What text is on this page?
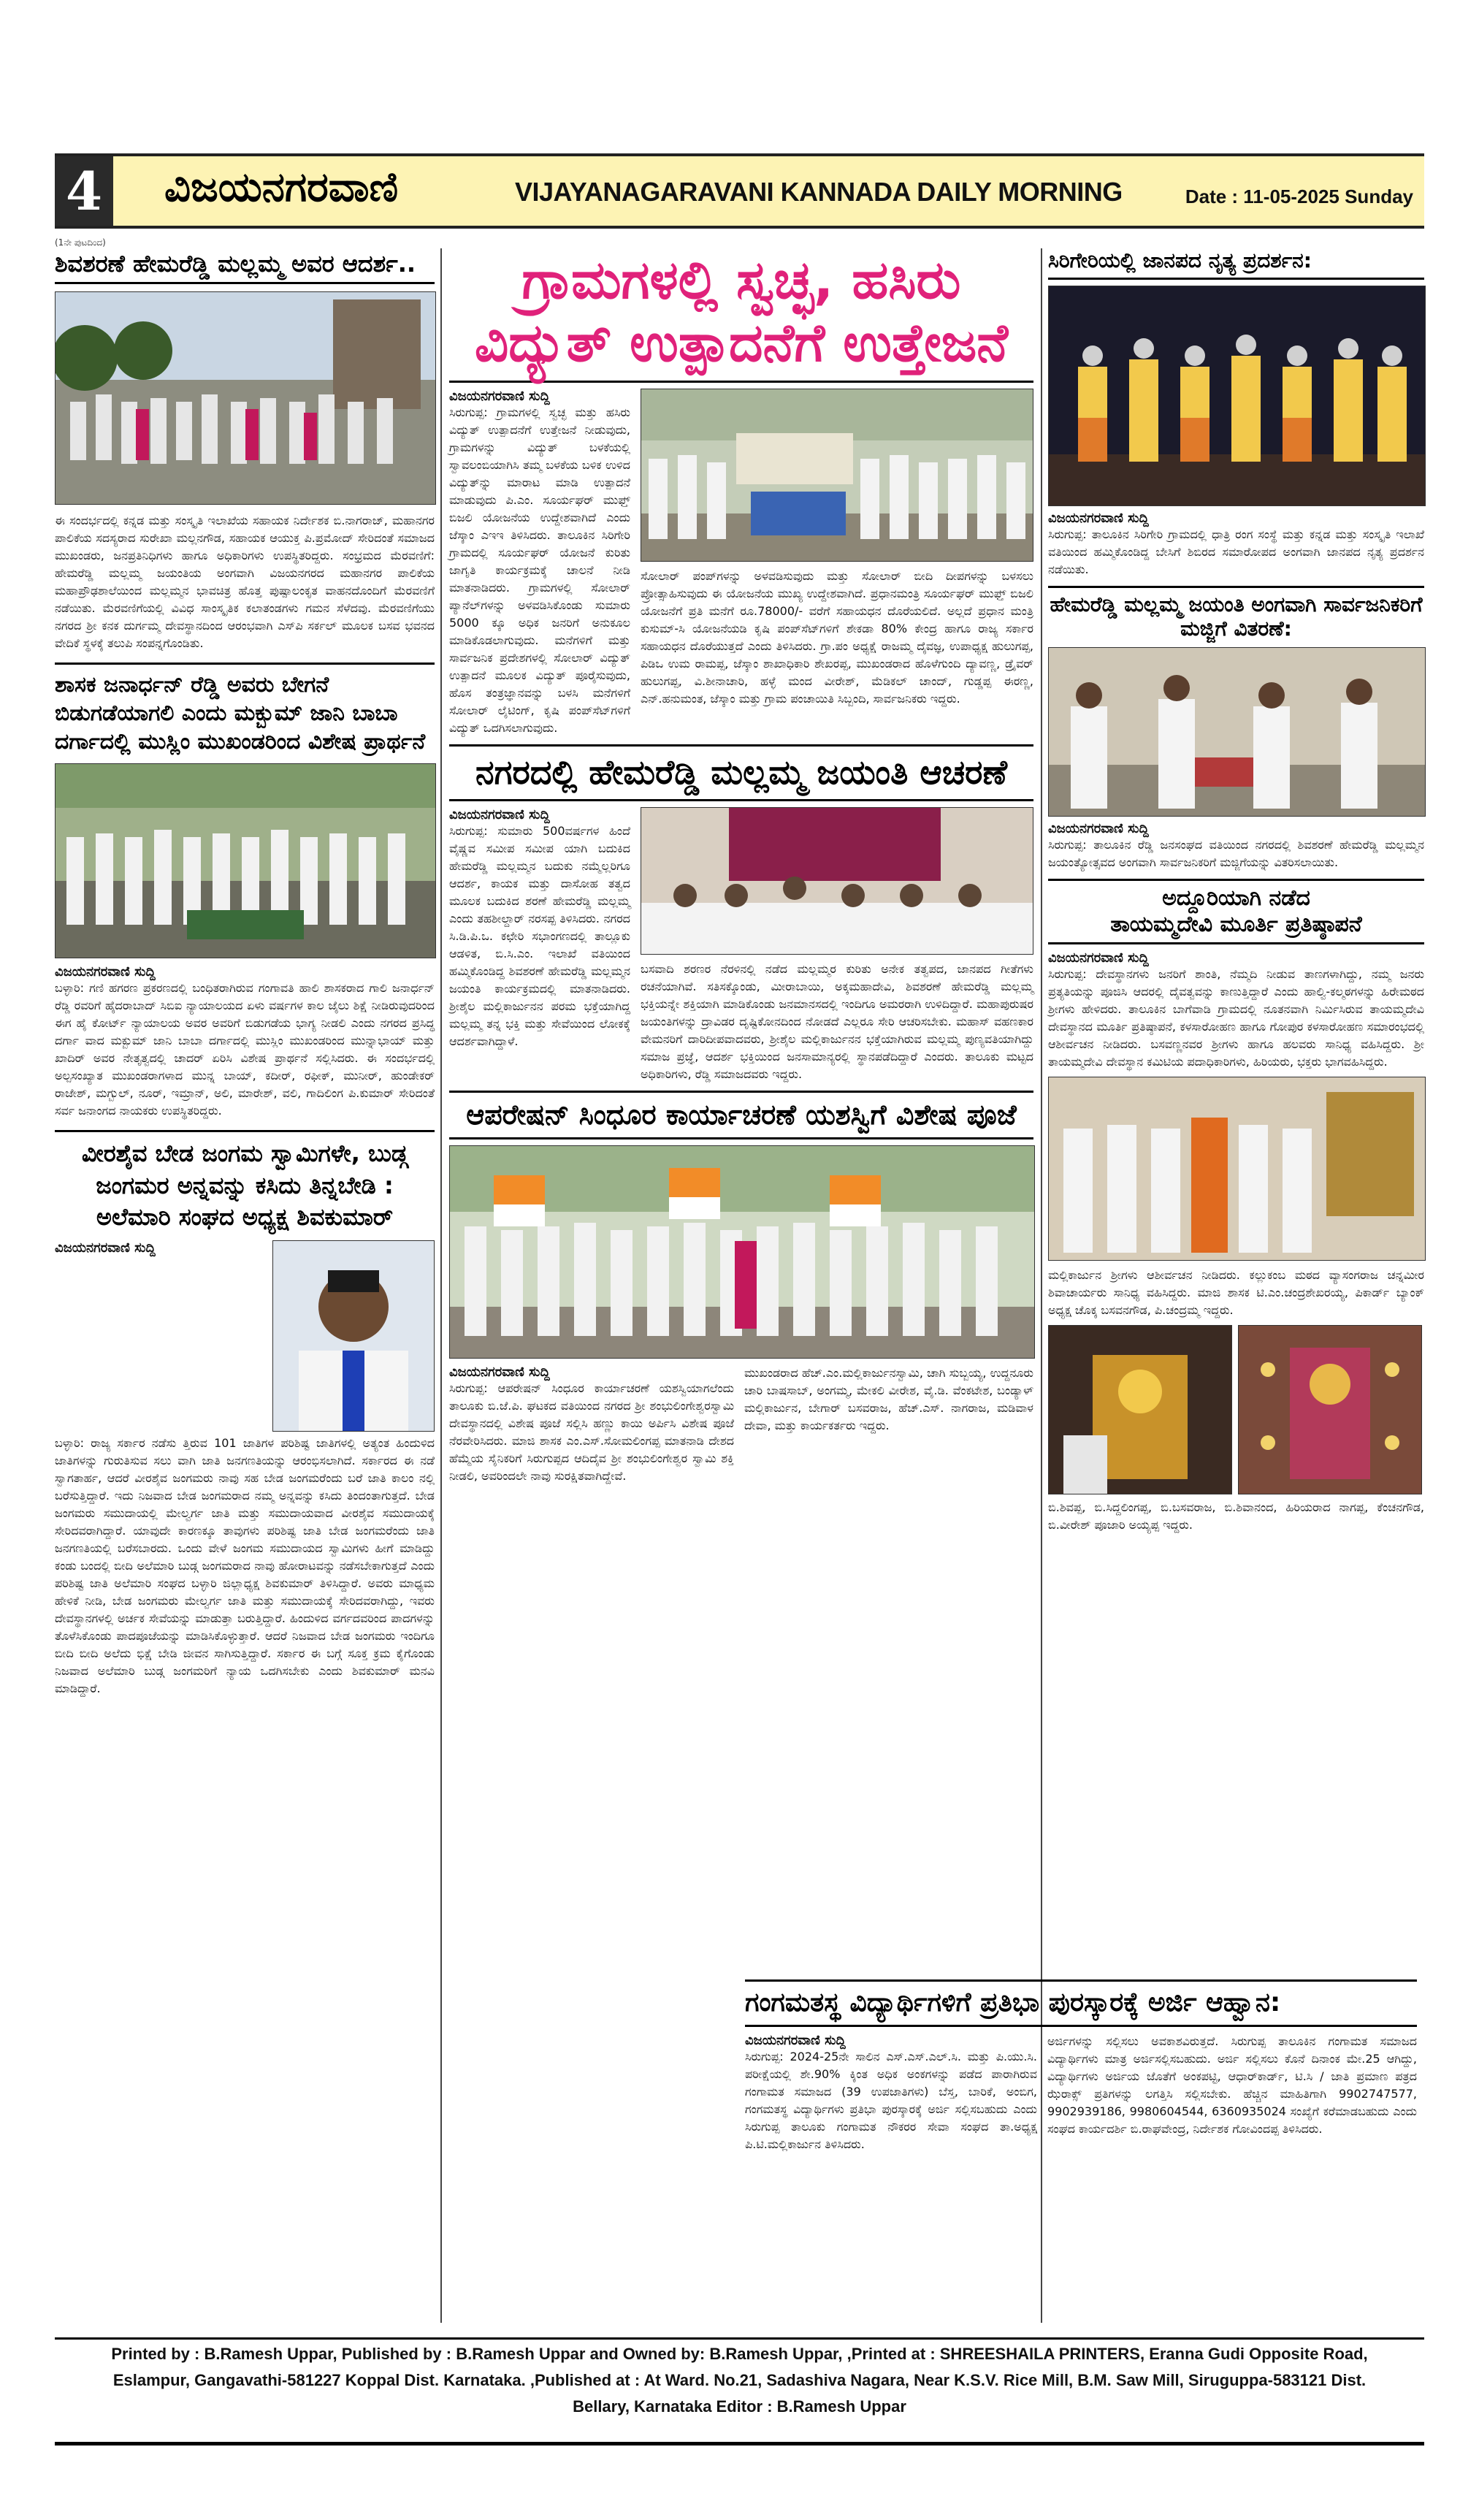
4 ವಿಜಯನಗರವಾಣಿ	VIJAYANAGARAVANI KANNADA DAILY MORNING	Date : 11-05-2025 Sunday
(1ನೇ ಪುಟದಿಂದ)
ಶಿವಶರಣೆ ಹೇಮರೆಡ್ಡಿ ಮಲ್ಲಮ್ಮ ಅವರ ಆದರ್ಶ..
ಈ ಸಂದರ್ಭದಲ್ಲಿ ಕನ್ನಡ ಮತ್ತು ಸಂಸ್ಕೃತಿ ಇಲಾಖೆಯ ಸಹಾಯಕ ನಿರ್ದೇಶಕ ಬಿ.ನಾಗರಾಜ್, ಮಹಾನಗರ ಪಾಲಿಕೆಯ ಸದಸ್ಯರಾದ ಸುರೇಖಾ ಮಲ್ಲನಗೌಡ, ಸಹಾಯಕ ಆಯುಕ್ತ ಪಿ.ಪ್ರಮೋದ್ ಸೇರಿದಂತೆ ಸಮಾಜದ ಮುಖಂಡರು, ಜನಪ್ರತಿನಿಧಿಗಳು ಹಾಗೂ ಅಧಿಕಾರಿಗಳು ಉಪಸ್ಥಿತರಿದ್ದರು. ಸಂಭ್ರಮದ ಮೆರವಣಿಗೆ: ಹೇಮರೆಡ್ಡಿ ಮಲ್ಲಮ್ಮ ಜಯಂತಿಯ ಅಂಗವಾಗಿ ವಿಜಯನಗರದ ಮಹಾನಗರ ಪಾಲಿಕೆಯ ಮಹಾಪ್ರೌಢಶಾಲೆಯಿಂದ ಮಲ್ಲಮ್ಮನ ಭಾವಚಿತ್ರ ಹೊತ್ತ ಪುಷ್ಪಾಲಂಕೃತ ವಾಹನದೊಂದಿಗೆ ಮೆರವಣಿಗೆ ನಡೆಯಿತು. ಮೆರವಣಿಗೆಯಲ್ಲಿ ವಿವಿಧ ಸಾಂಸ್ಕೃತಿಕ ಕಲಾತಂಡಗಳು ಗಮನ ಸೆಳೆದವು. ಮೆರವಣಿಗೆಯು ನಗರದ ಶ್ರೀ ಕನಕ ದುರ್ಗಮ್ಮ ದೇವಸ್ಥಾನದಿಂದ ಆರಂಭವಾಗಿ ಎಸ್‌ಪಿ ಸರ್ಕಲ್ ಮೂಲಕ ಬಸವ ಭವನದ ವೇದಿಕೆ ಸ್ಥಳಕ್ಕೆ ತಲುಪಿ ಸಂಪನ್ನಗೊಂಡಿತು.
ಶಾಸಕ ಜನಾರ್ಧನ್ ರೆಡ್ಡಿ ಅವರು ಬೇಗನೆ ಬಿಡುಗಡೆಯಾಗಲಿ ಎಂದು ಮಕ್ಬುಮ್ ಜಾನಿ ಬಾಬಾ ದರ್ಗಾದಲ್ಲಿ ಮುಸ್ಲಿಂ ಮುಖಂಡರಿಂದ ವಿಶೇಷ ಪ್ರಾರ್ಥನೆ
ವಿಜಯನಗರವಾಣಿ ಸುದ್ದಿ
ಬಳ್ಳಾರಿ: ಗಣಿ ಹಗರಣ ಪ್ರಕರಣದಲ್ಲಿ ಬಂಧಿತರಾಗಿರುವ ಗಂಗಾವತಿ ಹಾಲಿ ಶಾಸಕರಾದ ಗಾಲಿ ಜನಾರ್ಧನ್ ರೆಡ್ಡಿ ರವರಿಗೆ ಹೈದರಾಬಾದ್ ಸಿಬಿಐ ನ್ಯಾಯಾಲಯದ ಏಳು ವರ್ಷಗಳ ಕಾಲ ಜೈಲು ಶಿಕ್ಷೆ ನೀಡಿರುವುದರಿಂದ ಈಗ ಹೈ ಕೋರ್ಟ್ ನ್ಯಾಯಾಲಯ ಅವರ ಅವರಿಗೆ ಬಿಡುಗಡೆಯ ಭಾಗ್ಯ ನೀಡಲಿ ಎಂದು ನಗರದ ಪ್ರಸಿದ್ಧ ದರ್ಗಾ ವಾದ ಮಕ್ಬುಮ್ ಜಾನಿ ಬಾಬಾ ದರ್ಗಾದಲ್ಲಿ ಮುಸ್ಲಿಂ ಮುಖಂಡರಿಂದ ಮುನ್ನಾಭಾಯ್ ಮತ್ತು ಖಾದಿರ್ ಅವರ ನೇತೃತ್ವದಲ್ಲಿ ಚಾದರ್ ಏರಿಸಿ ವಿಶೇಷ ಪ್ರಾರ್ಥನೆ ಸಲ್ಲಿಸಿದರು. ಈ ಸಂದರ್ಭದಲ್ಲಿ ಅಲ್ಪಸಂಖ್ಯಾತ ಮುಖಂಡರಾಗಳಾದ ಮುನ್ನ ಬಾಯ್, ಕದೀರ್, ರಫೀಕ್, ಮುನೀರ್, ಹುಂಡೇಕರ್ ರಾಜೇಶ್, ಮಗ್ಬುಲ್, ನೂರ್, ಇಮ್ರಾನ್, ಅಲಿ, ಮಾರೇಶ್, ವಲಿ, ಗಾದಿಲಿಂಗ ಪಿ.ಕುಮಾರ್ ಸೇರಿದಂತೆ ಸರ್ವ ಜನಾಂಗದ ನಾಯಕರು ಉಪಸ್ಥಿತರಿದ್ದರು.
ವೀರಶೈವ ಬೇಡ ಜಂಗಮ ಸ್ವಾಮಿಗಳೇ, ಬುಡ್ಗ ಜಂಗಮರ ಅನ್ನವನ್ನು ಕಸಿದು ತಿನ್ನಬೇಡಿ : ಅಲೆಮಾರಿ ಸಂಘದ ಅಧ್ಯಕ್ಷ ಶಿವಕುಮಾರ್
ವಿಜಯನಗರವಾಣಿ ಸುದ್ದಿ
ಬಳ್ಳಾರಿ: ರಾಜ್ಯ ಸರ್ಕಾರ ನಡೆಸು ತ್ತಿರುವ 101 ಜಾತಿಗಳ ಪರಿಶಿಷ್ಟ ಜಾತಿಗಳಲ್ಲಿ ಅತ್ಯಂತ ಹಿಂದುಳಿದ ಜಾತಿಗಳನ್ನು ಗುರುತಿಸುವ ಸಲು ವಾಗಿ ಜಾತಿ ಜನಗಣತಿಯನ್ನು ಆರಂಭಿಸಲಾಗಿದೆ. ಸರ್ಕಾರದ ಈ ನಡೆ ಸ್ವಾಗತಾರ್ಹ, ಆದರೆ ವೀರಶೈವ ಜಂಗಮರು ನಾವು ಸಹ ಬೇಡ ಜಂಗಮರೆಂದು ಬರೆ ಜಾತಿ ಕಾಲಂ ನಲ್ಲಿ ಬರೆಸುತ್ತಿದ್ದಾರೆ. ಇದು ನಿಜವಾದ ಬೇಡ ಜಂಗಮರಾದ ನಮ್ಮ ಅನ್ನವನ್ನು ಕಸಿದು ತಿಂದಂತಾಗುತ್ತದೆ. ಬೇಡ ಜಂಗಮರು ಸಮುದಾಯಲ್ಲಿ ಮೇಲ್ವರ್ಗ ಜಾತಿ ಮತ್ತು ಸಮುದಾಯವಾದ ವೀರಶೈವ ಸಮುದಾಯಕ್ಕೆ ಸೇರಿದವರಾಗಿದ್ದಾರೆ. ಯಾವುದೇ ಕಾರಣಕ್ಕೂ ತಾವುಗಳು ಪರಿಶಿಷ್ಟ ಜಾತಿ ಬೇಡ ಜಂಗಮರೆಂದು ಜಾತಿ ಜನಗಣತಿಯಲ್ಲಿ ಬರೆಸಬಾರದು. ಒಂದು ವೇಳೆ ಜಂಗಮ ಸಮುದಾಯದ ಸ್ವಾಮಿಗಳು ಹೀಗೆ ಮಾಡಿದ್ದು ಕಂಡು ಬಂದಲ್ಲಿ ಬೀದಿ ಅಲೆಮಾರಿ ಬುಡ್ಗ ಜಂಗಮರಾದ ನಾವು ಹೋರಾಟವನ್ನು ನಡೆಸಬೇಕಾಗುತ್ತದೆ ಎಂದು ಪರಿಶಿಷ್ಟ ಜಾತಿ ಅಲೆಮಾರಿ ಸಂಘದ ಬಳ್ಳಾರಿ ಜಿಲ್ಲಾಧ್ಯಕ್ಷ ಶಿವಕುಮಾರ್ ತಿಳಿಸಿದ್ದಾರೆ. ಅವರು ಮಾಧ್ಯಮ ಹೇಳಿಕೆ ನೀಡಿ, ಬೇಡ ಜಂಗಮರು ಮೇಲ್ವರ್ಗ ಜಾತಿ ಮತ್ತು ಸಮುದಾಯಕ್ಕೆ ಸೇರಿದವರಾಗಿದ್ದು, ಇವರು ದೇವಸ್ಥಾನಗಳಲ್ಲಿ ಅರ್ಚಕ ಸೇವೆಯನ್ನು ಮಾಡುತ್ತಾ ಬರುತ್ತಿದ್ದಾರೆ. ಹಿಂದುಳಿದ ವರ್ಗದವರಿಂದ ಪಾದಗಳನ್ನು ತೊಳೆಸಿಕೊಂಡು ಪಾದಪೂಜೆಯನ್ನು ಮಾಡಿಸಿಕೊಳ್ಳುತ್ತಾರೆ. ಆದರೆ ನಿಜವಾದ ಬೇಡ ಜಂಗಮರು ಇಂದಿಗೂ ಬೀದಿ ಬೀದಿ ಅಲೆದು ಭಿಕ್ಷೆ ಬೇಡಿ ಜೀವನ ಸಾಗಿಸುತ್ತಿದ್ದಾರೆ. ಸರ್ಕಾರ ಈ ಬಗ್ಗೆ ಸೂಕ್ತ ಕ್ರಮ ಕೈಗೊಂಡು ನಿಜವಾದ ಅಲೆಮಾರಿ ಬುಡ್ಗ ಜಂಗಮರಿಗೆ ನ್ಯಾಯ ಒದಗಿಸಬೇಕು ಎಂದು ಶಿವಕುಮಾರ್ ಮನವಿ ಮಾಡಿದ್ದಾರೆ.
ಗ್ರಾಮಗಳಲ್ಲಿ ಸ್ವಚ್ಛ, ಹಸಿರು
ವಿದ್ಯುತ್ ಉತ್ಪಾದನೆಗೆ ಉತ್ತೇಜನೆ
ವಿಜಯನಗರವಾಣಿ ಸುದ್ದಿ
ಸಿರುಗುಪ್ಪ: ಗ್ರಾಮಗಳಲ್ಲಿ ಸ್ವಚ್ಛ ಮತ್ತು ಹಸಿರು ವಿದ್ಯುತ್ ಉತ್ಪಾದನೆಗೆ ಉತ್ತೇಜನೆ ನೀಡುವುದು, ಗ್ರಾಮಗಳನ್ನು ವಿದ್ಯುತ್ ಬಳಕೆಯಲ್ಲಿ ಸ್ವಾವಲಂಬಿಯಾಗಿಸಿ ತಮ್ಮ ಬಳಕೆಯ ಬಳಿಕ ಉಳಿದ ವಿದ್ಯುತ್‌ನ್ನು ಮಾರಾಟ ಮಾಡಿ ಉತ್ಪಾದನೆ ಮಾಡುವುದು ಪಿ.ಎಂ. ಸೂರ್ಯಘರ್ ಮುಫ್ತ್ ಬಿಜಲಿ ಯೋಜನೆಯ ಉದ್ದೇಶವಾಗಿದೆ ಎಂದು ಜೆಸ್ಕಾಂ ಎಇಇ ತಿಳಿಸಿದರು. ತಾಲೂಕಿನ ಸಿರಿಗೇರಿ ಗ್ರಾಮದಲ್ಲಿ ಸೂರ್ಯಘರ್ ಯೋಜನೆ ಕುರಿತು ಜಾಗೃತಿ ಕಾರ್ಯಕ್ರಮಕ್ಕೆ ಚಾಲನೆ ನೀಡಿ ಮಾತನಾಡಿದರು. ಗ್ರಾಮಗಳಲ್ಲಿ ಸೋಲಾರ್ ಪ್ಯಾನೆಲ್‌ಗಳನ್ನು ಅಳವಡಿಸಿಕೊಂಡು ಸುಮಾರು 5000 ಕ್ಕೂ ಅಧಿಕ ಜನರಿಗೆ ಅನುಕೂಲ ಮಾಡಿಕೊಡಲಾಗುವುದು. ಮನೆಗಳಿಗೆ ಮತ್ತು ಸಾರ್ವಜನಿಕ ಪ್ರದೇಶಗಳಲ್ಲಿ ಸೋಲಾರ್ ವಿದ್ಯುತ್ ಉತ್ಪಾದನೆ ಮೂಲಕ ವಿದ್ಯುತ್ ಪೂರೈಸುವುದು, ಹೊಸ ತಂತ್ರಜ್ಞಾನವನ್ನು ಬಳಸಿ ಮನೆಗಳಿಗೆ ಸೋಲಾರ್ ಲೈಟಿಂಗ್, ಕೃಷಿ ಪಂಪ್‌ಸೆಟ್‌ಗಳಿಗೆ ವಿದ್ಯುತ್ ಒದಗಿಸಲಾಗುವುದು.
ಸೋಲಾರ್ ಪಂಪ್‌ಗಳನ್ನು ಅಳವಡಿಸುವುದು ಮತ್ತು ಸೋಲಾರ್ ಬೀದಿ ದೀಪಗಳನ್ನು ಬಳಸಲು ಪ್ರೋತ್ಸಾಹಿಸುವುದು ಈ ಯೋಜನೆಯ ಮುಖ್ಯ ಉದ್ದೇಶವಾಗಿದೆ. ಪ್ರಧಾನಮಂತ್ರಿ ಸೂರ್ಯಘರ್ ಮುಫ್ತ್ ಬಿಜಲಿ ಯೋಜನೆಗೆ ಪ್ರತಿ ಮನೆಗೆ ರೂ.78000/- ವರೆಗೆ ಸಹಾಯಧನ ದೊರೆಯಲಿದೆ. ಅಲ್ಲದೆ ಪ್ರಧಾನ ಮಂತ್ರಿ ಕುಸುಮ್-ಸಿ ಯೋಜನೆಯಡಿ ಕೃಷಿ ಪಂಪ್‌ಸೆಟ್‌ಗಳಿಗೆ ಶೇಕಡಾ 80% ಕೇಂದ್ರ ಹಾಗೂ ರಾಜ್ಯ ಸರ್ಕಾರ ಸಹಾಯಧನ ದೊರೆಯುತ್ತದೆ ಎಂದು ತಿಳಿಸಿದರು. ಗ್ರಾ.ಪಂ ಅಧ್ಯಕ್ಷೆ ರಾಜಮ್ಮ ದೈವಜ್ಞ, ಉಪಾಧ್ಯಕ್ಷ ಹುಲುಗಪ್ಪ, ಪಿಡಿಒ ಉಮ ರಾಮಪ್ಪ, ಜೆಸ್ಕಾಂ ಶಾಖಾಧಿಕಾರಿ ಶೇಖರಪ್ಪ, ಮುಖಂಡರಾದ ಹೊಳೆಗುಂದಿ ದ್ಯಾವಣ್ಣ, ಡ್ರೈವರ್ ಹುಲುಗಪ್ಪ, ವಿ.ಶೀನಾಚಾರಿ, ಹಳ್ಳೆ ಮಂದ ವೀರೇಶ್, ಮೆಡಿಕಲ್ ಚಾಂದ್, ಗುಡ್ಡಪ್ಪ ಈರಣ್ಣ, ಎನ್.ಹನುಮಂತ, ಜೆಸ್ಕಾಂ ಮತ್ತು ಗ್ರಾಮ ಪಂಚಾಯಿತಿ ಸಿಬ್ಬಂದಿ, ಸಾರ್ವಜನಿಕರು ಇದ್ದರು.
ನಗರದಲ್ಲಿ ಹೇಮರೆಡ್ಡಿ ಮಲ್ಲಮ್ಮ ಜಯಂತಿ ಆಚರಣೆ
ವಿಜಯನಗರವಾಣಿ ಸುದ್ದಿ
ಸಿರುಗುಪ್ಪ: ಸುಮಾರು 500ವರ್ಷಗಳ ಹಿಂದೆ ವೈಷ್ಣವ ಸಮೀಪ ಸಮೀಪ ಯಾಗಿ ಬದುಕಿದ ಹೇಮರೆಡ್ಡಿ ಮಲ್ಲಮ್ಮನ ಬದುಕು ನಮ್ಮೆಲ್ಲರಿಗೂ ಆದರ್ಶ, ಕಾಯಕ ಮತ್ತು ದಾಸೋಹ ತತ್ವದ ಮೂಲಕ ಬದುಕಿದ ಶರಣೆ ಹೇಮರೆಡ್ಡಿ ಮಲ್ಲಮ್ಮ ಎಂದು ತಹಶೀಲ್ದಾರ್ ನರಸಪ್ಪ ತಿಳಿಸಿದರು. ನಗರದ ಸಿ.ಡಿ.ಪಿ.ಒ. ಕಛೇರಿ ಸಭಾಂಗಣದಲ್ಲಿ ತಾಲ್ಲೂಕು ಆಡಳಿತ, ಬಿ.ಸಿ.ಎಂ. ಇಲಾಖೆ ವತಿಯಿಂದ ಹಮ್ಮಿಕೊಂಡಿದ್ದ ಶಿವಶರಣೆ ಹೇಮರೆಡ್ಡಿ ಮಲ್ಲಮ್ಮನ ಜಯಂತಿ ಕಾರ್ಯಕ್ರಮದಲ್ಲಿ ಮಾತನಾಡಿದರು. ಶ್ರೀಶೈಲ ಮಲ್ಲಿಕಾರ್ಜುನನ ಪರಮ ಭಕ್ತೆಯಾಗಿದ್ದ ಮಲ್ಲಮ್ಮ ತನ್ನ ಭಕ್ತಿ ಮತ್ತು ಸೇವೆಯಿಂದ ಲೋಕಕ್ಕೆ ಆದರ್ಶವಾಗಿದ್ದಾಳೆ.
ಬಸವಾದಿ ಶರಣರ ನೆರಳಿನಲ್ಲಿ ನಡೆದ ಮಲ್ಲಮ್ಮರ ಕುರಿತು ಅನೇಕ ತತ್ವಪದ, ಜಾನಪದ ಗೀತೆಗಳು ರಚನೆಯಾಗಿವೆ. ಸತಿಸಕ್ಕೊಂಡು, ಮೀರಾಬಾಯಿ, ಅಕ್ಕಮಹಾದೇವಿ, ಶಿವಶರಣೆ ಹೇಮರೆಡ್ಡಿ ಮಲ್ಲಮ್ಮ ಭಕ್ತಿಯನ್ನೇ ಶಕ್ತಿಯಾಗಿ ಮಾಡಿಕೊಂಡು ಜನಮಾನಸದಲ್ಲಿ ಇಂದಿಗೂ ಅಮರರಾಗಿ ಉಳಿದಿದ್ದಾರೆ. ಮಹಾಪುರುಷರ ಜಯಂತಿಗಳನ್ನು ದ್ರಾವಿಡರ ದೃಷ್ಟಿಕೋನದಿಂದ ನೋಡದೆ ಎಲ್ಲರೂ ಸೇರಿ ಆಚರಿಸಬೇಕು. ಮಹಾಸ್ ವಹಣಕಾರ ವೇಮನರಿಗೆ ದಾರಿದೀಪವಾದವರು, ಶ್ರೀಶೈಲ ಮಲ್ಲಿಕಾರ್ಜುನನ ಭಕ್ತೆಯಾಗಿರುವ ಮಲ್ಲಮ್ಮ ಪುಣ್ಯವತಿಯಾಗಿದ್ದು ಸಮಾಜ ಪ್ರಜ್ಞೆ, ಆದರ್ಶ ಭಕ್ತಿಯಿಂದ ಜನಸಾಮಾನ್ಯರಲ್ಲಿ ಸ್ಥಾನಪಡೆದಿದ್ದಾರೆ ಎಂದರು. ತಾಲೂಕು ಮಟ್ಟದ ಅಧಿಕಾರಿಗಳು, ರೆಡ್ಡಿ ಸಮಾಜದವರು ಇದ್ದರು.
ಆಪರೇಷನ್ ಸಿಂಧೂರ ಕಾರ್ಯಾಚರಣೆ ಯಶಸ್ವಿಗೆ ವಿಶೇಷ ಪೂಜೆ
ವಿಜಯನಗರವಾಣಿ ಸುದ್ದಿ
ಸಿರುಗುಪ್ಪ: ಆಪರೇಷನ್ ಸಿಂಧೂರ ಕಾರ್ಯಾಚರಣೆ ಯಶಸ್ವಿಯಾಗಲೆಂದು ತಾಲೂಕು ಬಿ.ಜೆ.ಪಿ. ಘಟಕದ ವತಿಯಿಂದ ನಗರದ ಶ್ರೀ ಶಂಭುಲಿಂಗೇಶ್ವರಸ್ವಾಮಿ ದೇವಸ್ಥಾನದಲ್ಲಿ ವಿಶೇಷ ಪೂಜೆ ಸಲ್ಲಿಸಿ ಹಣ್ಣು ಕಾಯಿ ಅರ್ಪಿಸಿ ವಿಶೇಷ ಪೂಜೆ ನೆರವೇರಿಸಿದರು. ಮಾಜಿ ಶಾಸಕ ಎಂ.ಎಸ್.ಸೋಮಲಿಂಗಪ್ಪ ಮಾತನಾಡಿ ದೇಶದ ಹೆಮ್ಮೆಯ ಸೈನಿಕರಿಗೆ ಸಿರುಗುಪ್ಪದ ಆದಿದೈವ ಶ್ರೀ ಶಂಭುಲಿಂಗೇಶ್ವರ ಸ್ವಾಮಿ ಶಕ್ತಿ ನೀಡಲಿ, ಅವರಿಂದಲೇ ನಾವು ಸುರಕ್ಷಿತವಾಗಿದ್ದೇವೆ.
ಮುಖಂಡರಾದ ಹೆಚ್.ಎಂ.ಮಲ್ಲಿಕಾರ್ಜುನಸ್ವಾಮಿ, ಚಾಗಿ ಸುಬ್ಬಯ್ಯ, ಉದ್ದನೂರು ಚಾರಿ ಬಾಷಸಾಬ್, ಅಂಗಮ್ಮ, ಮೇಕಲಿ ವೀರೇಶ, ವೈ.ಡಿ. ವೆಂಕಟೇಶ, ಬಂಡ್ಯಾಳ್ ಮಲ್ಲಿಕಾರ್ಜುನ, ಬೇಗಾರ್ ಬಸವರಾಜ, ಹೆಚ್.ಎಸ್. ನಾಗರಾಜ, ಮಡಿವಾಳ ದೇವಾ, ಮತ್ತು ಕಾರ್ಯಕರ್ತರು ಇದ್ದರು.
ಗಂಗಮತಸ್ಥ ವಿದ್ಯಾರ್ಥಿಗಳಿಗೆ ಪ್ರತಿಭಾ ಪುರಸ್ಕಾರಕ್ಕೆ ಅರ್ಜಿ ಆಹ್ವಾನ:
ವಿಜಯನಗರವಾಣಿ ಸುದ್ದಿ
ಸಿರುಗುಪ್ಪ: 2024-25ನೇ ಸಾಲಿನ ಎಸ್.ಎಸ್.ಎಲ್.ಸಿ. ಮತ್ತು ಪಿ.ಯು.ಸಿ. ಪರೀಕ್ಷೆಯಲ್ಲಿ ಶೇ.90% ಕ್ಕಿಂತ ಅಧಿಕ ಅಂಕಗಳನ್ನು ಪಡೆದ ಪಾರಾಗಿರುವ ಗಂಗಾಮತ ಸಮಾಜದ (39 ಉಪಜಾತಿಗಳು) ಬೆಸ್ತ, ಬಾರಿಕೆ, ಅಂಬಿಗ, ಗಂಗಮತಸ್ಥ ವಿದ್ಯಾರ್ಥಿಗಳು ಪ್ರತಿಭಾ ಪುರಸ್ಕಾರಕ್ಕೆ ಅರ್ಜಿ ಸಲ್ಲಿಸಬಹುದು ಎಂದು ಸಿರುಗುಪ್ಪ ತಾಲೂಕು ಗಂಗಾಮತ ನೌಕರರ ಸೇವಾ ಸಂಘದ ತಾ.ಅಧ್ಯಕ್ಷ ಪಿ.ಟಿ.ಮಲ್ಲಿಕಾರ್ಜುನ ತಿಳಿಸಿದರು.
ಅರ್ಜಿಗಳನ್ನು ಸಲ್ಲಿಸಲು ಅವಕಾಶವಿರುತ್ತದೆ. ಸಿರುಗುಪ್ಪ ತಾಲೂಕಿನ ಗಂಗಾಮತ ಸಮಾಜದ ವಿದ್ಯಾರ್ಥಿಗಳು ಮಾತ್ರ ಅರ್ಜಿಸಲ್ಲಿಸಬಹುದು. ಅರ್ಜಿ ಸಲ್ಲಿಸಲು ಕೊನೆ ದಿನಾಂಕ ಮೇ.25 ಆಗಿದ್ದು, ವಿದ್ಯಾರ್ಥಿಗಳು ಅರ್ಜಿಯ ಜೊತೆಗೆ ಅಂಕಪಟ್ಟಿ, ಆಧಾರ್‌ಕಾರ್ಡ್, ಟಿ.ಸಿ / ಜಾತಿ ಪ್ರಮಾಣ ಪತ್ರದ ಝೆರಾಕ್ಸ್ ಪ್ರತಿಗಳನ್ನು ಲಗತ್ತಿಸಿ ಸಲ್ಲಿಸಬೇಕು. ಹೆಚ್ಚಿನ ಮಾಹಿತಿಗಾಗಿ 9902747577, 9902939186, 9980604544, 6360935024 ಸಂಖ್ಯೆಗೆ ಕರೆಮಾಡಬಹುದು ಎಂದು ಸಂಘದ ಕಾರ್ಯದರ್ಶಿ ಬಿ.ರಾಘವೇಂದ್ರ, ನಿರ್ದೇಶಕ ಗೋವಿಂದಪ್ಪ ತಿಳಿಸಿದರು.
ಸಿರಿಗೇರಿಯಲ್ಲಿ ಜಾನಪದ ನೃತ್ಯ ಪ್ರದರ್ಶನ:
ವಿಜಯನಗರವಾಣಿ ಸುದ್ದಿ
ಸಿರುಗುಪ್ಪ: ತಾಲೂಕಿನ ಸಿರಿಗೇರಿ ಗ್ರಾಮದಲ್ಲಿ ಧಾತ್ರಿ ರಂಗ ಸಂಸ್ಥೆ ಮತ್ತು ಕನ್ನಡ ಮತ್ತು ಸಂಸ್ಕೃತಿ ಇಲಾಖೆ ವತಿಯಿಂದ ಹಮ್ಮಿಕೊಂಡಿದ್ದ ಬೇಸಿಗೆ ಶಿಬಿರದ ಸಮಾರೋಪದ ಅಂಗವಾಗಿ ಜಾನಪದ ನೃತ್ಯ ಪ್ರದರ್ಶನ ನಡೆಯಿತು.
ಹೇಮರೆಡ್ಡಿ ಮಲ್ಲಮ್ಮ ಜಯಂತಿ ಅಂಗವಾಗಿ ಸಾರ್ವಜನಿಕರಿಗೆ ಮಜ್ಜಿಗೆ ವಿತರಣೆ:
ವಿಜಯನಗರವಾಣಿ ಸುದ್ದಿ
ಸಿರುಗುಪ್ಪ: ತಾಲೂಕಿನ ರೆಡ್ಡಿ ಜನಸಂಘದ ವತಿಯಿಂದ ನಗರದಲ್ಲಿ ಶಿವಶರಣೆ ಹೇಮರೆಡ್ಡಿ ಮಲ್ಲಮ್ಮನ ಜಯಂತ್ಯೋತ್ಸವದ ಅಂಗವಾಗಿ ಸಾರ್ವಜನಿಕರಿಗೆ ಮಜ್ಜಿಗೆಯನ್ನು ವಿತರಿಸಲಾಯಿತು.
ಅದ್ದೂರಿಯಾಗಿ ನಡೆದ
ತಾಯಮ್ಮದೇವಿ ಮೂರ್ತಿ ಪ್ರತಿಷ್ಠಾಪನೆ
ವಿಜಯನಗರವಾಣಿ ಸುದ್ದಿ
ಸಿರುಗುಪ್ಪ: ದೇವಸ್ಥಾನಗಳು ಜನರಿಗೆ ಶಾಂತಿ, ನೆಮ್ಮದಿ ನೀಡುವ ತಾಣಗಳಾಗಿದ್ದು, ನಮ್ಮ ಜನರು ಪ್ರತ್ಯತಿಯನ್ನು ಪೂಜಿಸಿ ಆದರಲ್ಲಿ ದೈವತ್ವವನ್ನು ಕಾಣುತ್ತಿದ್ದಾರೆ ಎಂದು ಹಾಲ್ವಿ-ಕಲ್ಮಠಗಳನ್ನು ಹಿರೇಮಠದ ಶ್ರೀಗಳು ಹೇಳಿದರು. ತಾಲೂಕಿನ ಬಾಗೆವಾಡಿ ಗ್ರಾಮದಲ್ಲಿ ನೂತನವಾಗಿ ನಿರ್ಮಿಸಿರುವ ತಾಯಮ್ಮದೇವಿ ದೇವಸ್ಥಾನದ ಮೂರ್ತಿ ಪ್ರತಿಷ್ಠಾಪನೆ, ಕಳಸಾರೋಹಣ ಹಾಗೂ ಗೋಪುರ ಕಳಸಾರೋಹಣ ಸಮಾರಂಭದಲ್ಲಿ ಆಶೀರ್ವಚನ ನೀಡಿದರು. ಬಸವಣ್ಣನವರ ಶ್ರೀಗಳು ಹಾಗೂ ಹಲವರು ಸಾನಿಧ್ಯ ವಹಿಸಿದ್ದರು. ಶ್ರೀ ತಾಯಮ್ಮದೇವಿ ದೇವಸ್ಥಾನ ಕಮಿಟಿಯ ಪದಾಧಿಕಾರಿಗಳು, ಹಿರಿಯರು, ಭಕ್ತರು ಭಾಗವಹಿಸಿದ್ದರು.
ಮಲ್ಲಿಕಾರ್ಜುನ ಶ್ರೀಗಳು ಆಶೀರ್ವಚನ ನೀಡಿದರು. ಕಲ್ಲುಕಂಬ ಮಠದ ವ್ಯಾಸಂಗರಾಜ ಚನ್ನಮೀರ ಶಿವಾಚಾರ್ಯರು ಸಾನಿಧ್ಯ ವಹಿಸಿದ್ದರು. ಮಾಜಿ ಶಾಸಕ ಟಿ.ಎಂ.ಚಂದ್ರಶೇಖರಯ್ಯ, ಪಿಕಾರ್ಡ್ ಬ್ಯಾಂಕ್ ಅಧ್ಯಕ್ಷ ಚೊಕ್ಕ ಬಸವನಗೌಡ, ಪಿ.ಚಂದ್ರಮ್ಮ ಇದ್ದರು.
ಬಿ.ಶಿವಪ್ಪ, ಬಿ.ಸಿದ್ದಲಿಂಗಪ್ಪ, ಬಿ.ಬಸವರಾಜ, ಬಿ.ಶಿವಾನಂದ, ಹಿರಿಯರಾದ ನಾಗಪ್ಪ, ಕೆಂಚನಗೌಡ, ಬಿ.ವೀರೇಶ್ ಪೂಜಾರಿ ಅಯ್ಯಪ್ಪ ಇದ್ದರು.

Printed by : B.Ramesh Uppar, Published by : B.Ramesh Uppar and Owned by: B.Ramesh Uppar, ,Printed at : SHREESHAILA PRINTERS, Eranna Gudi Opposite Road,

Eslampur, Gangavathi-581227 Koppal Dist. Karnataka. ,Published at : At Ward. No.21, Sadashiva Nagara, Near K.S.V. Rice Mill, B.M. Saw Mill, Siruguppa-583121 Dist.

Bellary, Karnataka Editor : B.Ramesh Uppar
